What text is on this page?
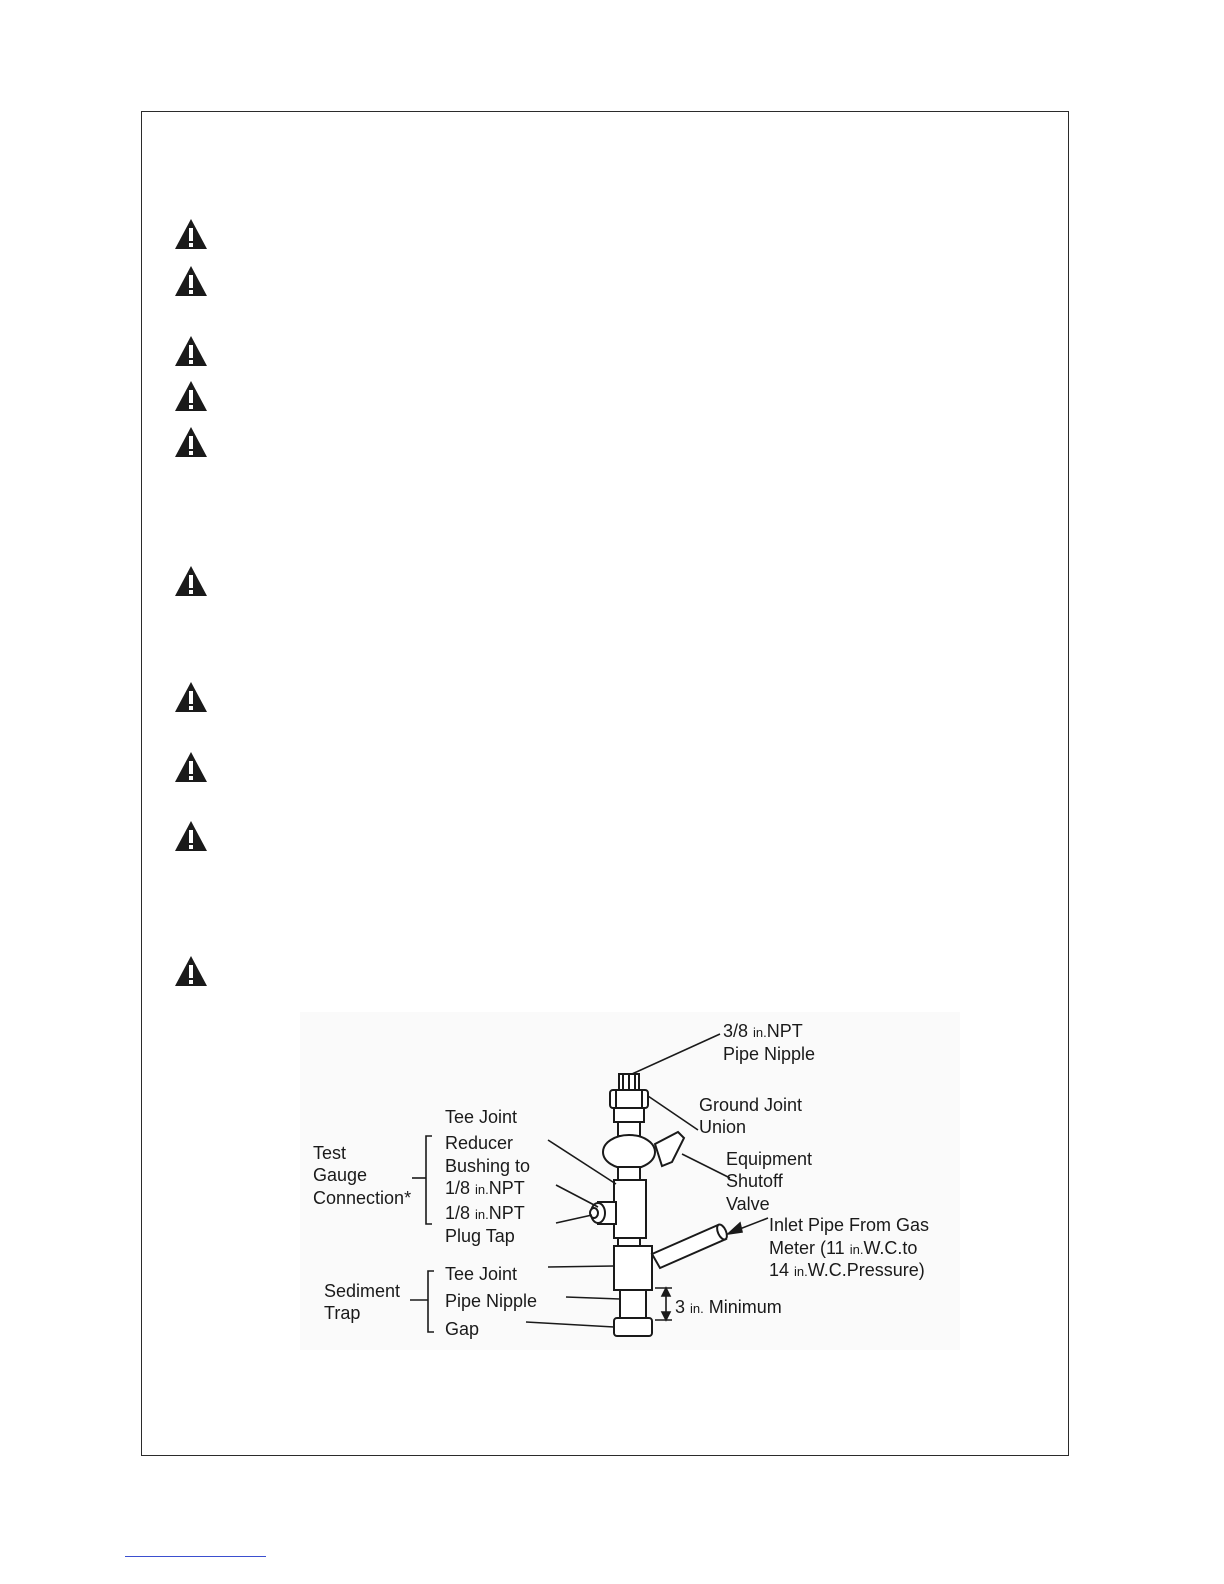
3/8 in.NPT
Pipe Nipple
Ground Joint
Union
Equipment
Shutoff
Valve
Inlet Pipe From Gas
Meter (11 in.W.C.to
14 in.W.C.Pressure)
Tee Joint
Reducer
Bushing to
1/8 in.NPT
1/8 in.NPT
Plug Tap
Test
Gauge
Connection*
Sediment
Trap
Tee Joint
Pipe Nipple
Gap
3 in. Minimum
